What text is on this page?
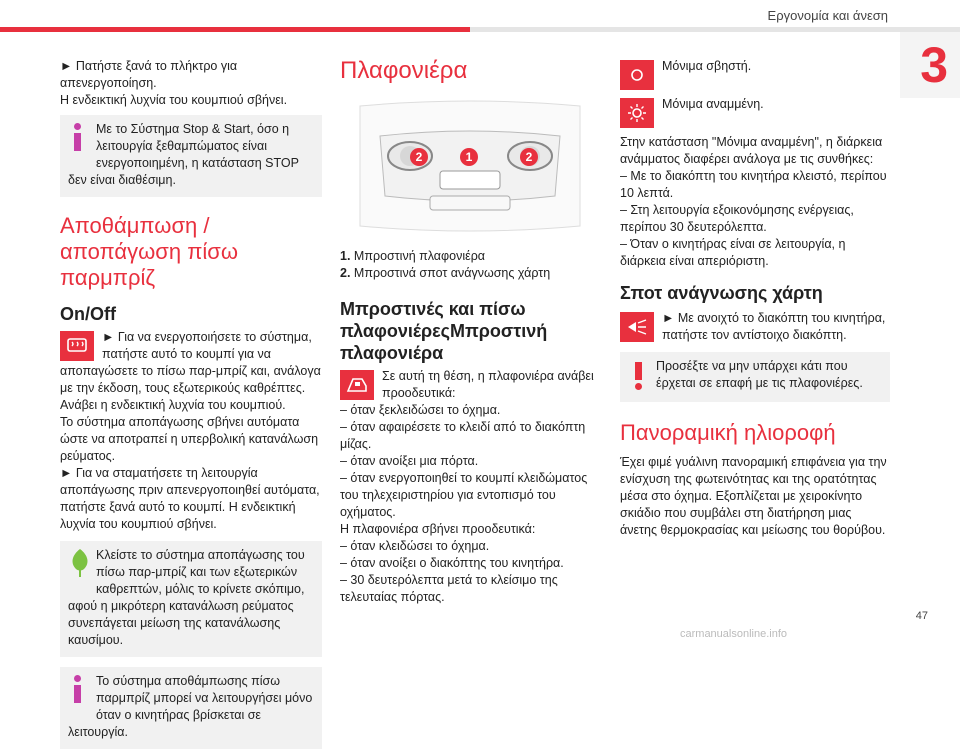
Εργονομία και άνεση
3

► Πατήστε ξανά το πλήκτρο για απενεργοποίηση.

Η ενδεικτική λυχνία του κουμπιού σβήνει.

Με το Σύστημα Stop & Start, όσο η λειτουργία ξεθαμπώματος είναι ενεργοποιημένη, η κατάσταση STOP δεν είναι διαθέσιμη.
Αποθάμπωση / αποπάγωση πίσω παρμπρίζ
On/Off
► Για να ενεργοποιήσετε το σύστημα, πατήστε αυτό το κουμπί για να αποπαγώσετε το πίσω παρ-μπρίζ και, ανάλογα με την έκδοση, τους εξωτερικούς καθρέπτες. Ανάβει η ενδεικτική λυχνία του κουμπιού.

Το σύστημα αποπάγωσης σβήνει αυτόματα ώστε να αποτραπεί η υπερβολική κατανάλωση ρεύματος.

► Για να σταματήσετε τη λειτουργία αποπάγωσης πριν απενεργοποιηθεί αυτόματα, πατήστε ξανά αυτό το κουμπί. Η ενδεικτική λυχνία του κουμπιού σβήνει.

Κλείστε το σύστημα αποπάγωσης του πίσω παρ-μπρίζ και των εξωτερικών καθρεπτών, μόλις το κρίνετε σκόπιμο, αφού η μικρότερη κατανάλωση ρεύματος συνεπάγεται μείωση της κατανάλωσης καυσίμου.
Το σύστημα αποθάμπωσης πίσω παρμπρίζ μπορεί να λειτουργήσει μόνο όταν ο κινητήρας βρίσκεται σε λειτουργία.
Πλαφονιέρα
2	1	2

1. Μπροστινή πλαφονιέρα

2. Μπροστινά σποτ ανάγνωσης χάρτη

Μπροστινές και πίσω πλαφονιέρεςΜπροστινή πλαφονιέρα
Σε αυτή τη θέση, η πλαφονιέρα ανάβει προοδευτικά:

– όταν ξεκλειδώσει το όχημα.

– όταν αφαιρέσετε το κλειδί από το διακόπτη μίζας.

– όταν ανοίξει μια πόρτα.

– όταν ενεργοποιηθεί το κουμπί κλειδώματος του τηλεχειριστηρίου για εντοπισμό του οχήματος.

Η πλαφονιέρα σβήνει προοδευτικά:

– όταν κλειδώσει το όχημα.

– όταν ανοίξει ο διακόπτης του κινητήρα.

– 30 δευτερόλεπτα μετά το κλείσιμο της τελευταίας πόρτας.

Μόνιμα σβηστή.
Μόνιμα αναμμένη.

Στην κατάσταση "Μόνιμα αναμμένη", η διάρκεια ανάμματος διαφέρει ανάλογα με τις συνθήκες:

– Με το διακόπτη του κινητήρα κλειστό, περίπου 10 λεπτά.

– Στη λειτουργία εξοικονόμησης ενέργειας, περίπου 30 δευτερόλεπτα.

– Όταν ο κινητήρας είναι σε λειτουργία, η διάρκεια είναι απεριόριστη.

Σποτ ανάγνωσης χάρτη
► Με ανοιχτό το διακόπτη του κινητήρα, πατήστε τον αντίστοιχο διακόπτη.
Προσέξτε να μην υπάρχει κάτι που έρχεται σε επαφή με τις πλαφονιέρες.
Πανοραμική ηλιοροφή

Έχει φιμέ γυάλινη πανοραμική επιφάνεια για την ενίσχυση της φωτεινότητας και της ορατότητας μέσα στο όχημα. Εξοπλίζεται με χειροκίνητο σκιάδιο που συμβάλει στη διατήρηση μιας άνετης θερμοκρασίας και μείωσης του θορύβου.

47
carmanualsonline.info
